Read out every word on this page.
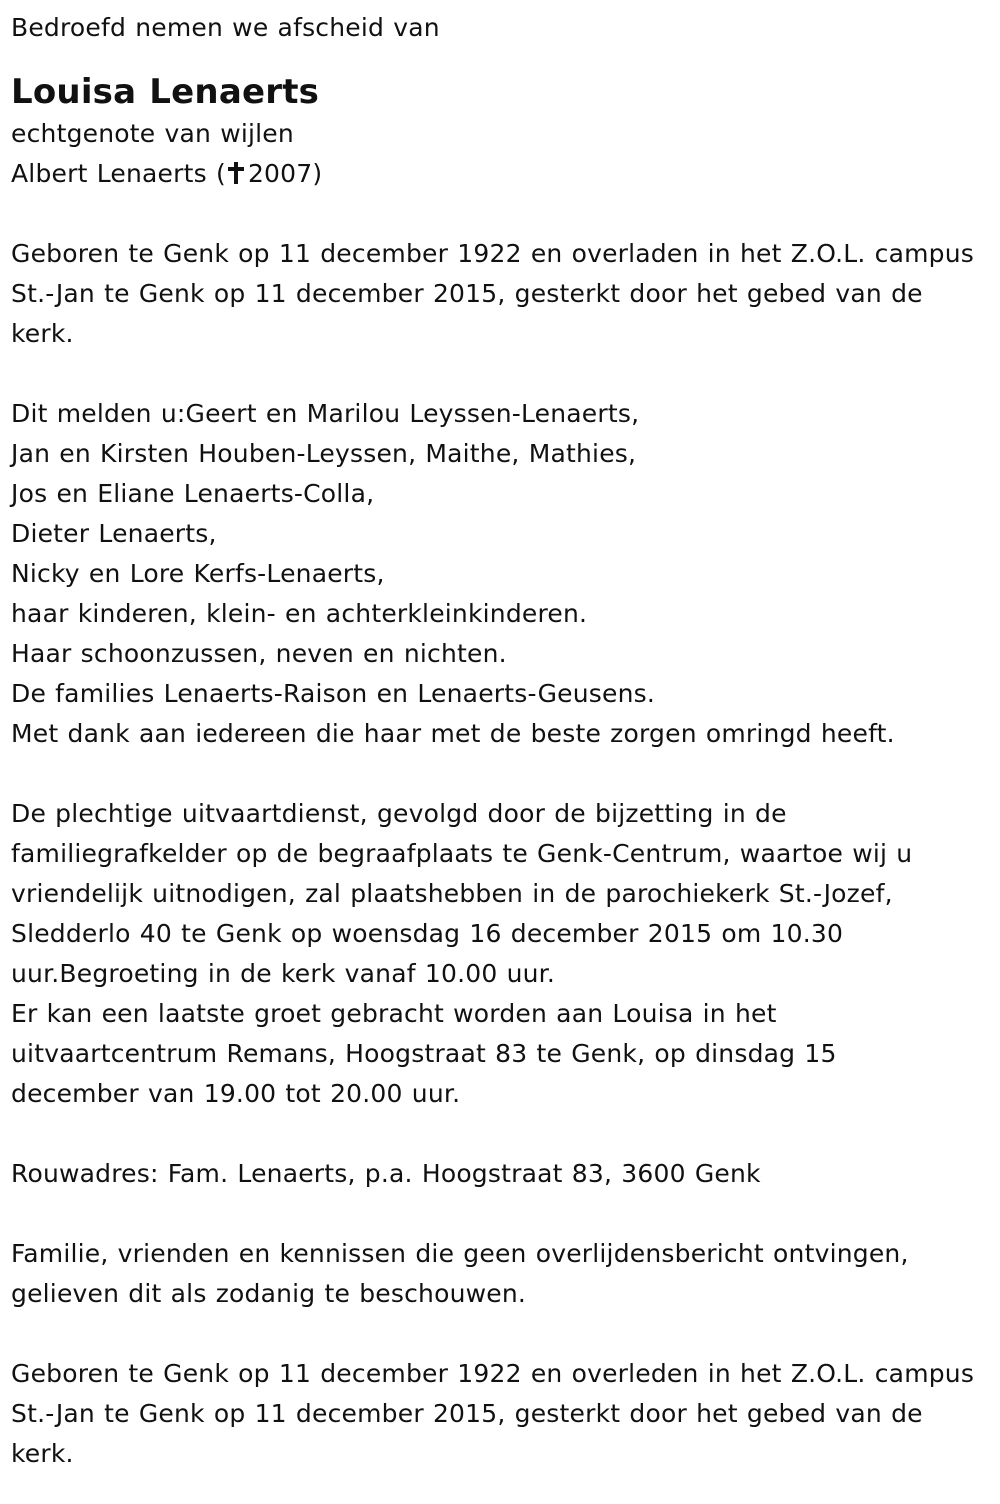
Bedroefd nemen we afscheid van
Louisa Lenaerts
echtgenote van wijlen
Albert Lenaerts ( 2007)
Geboren te Genk op 11 december 1922 en overladen in het Z.O.L. campus
St.-Jan te Genk op 11 december 2015, gesterkt door het gebed van de
kerk.
Dit melden u:Geert en Marilou Leyssen-Lenaerts,
Jan en Kirsten Houben-Leyssen, Maithe, Mathies,
Jos en Eliane Lenaerts-Colla,
Dieter Lenaerts,
Nicky en Lore Kerfs-Lenaerts,
haar kinderen, klein- en achterkleinkinderen.
Haar schoonzussen, neven en nichten.
De families Lenaerts-Raison en Lenaerts-Geusens.
Met dank aan iedereen die haar met de beste zorgen omringd heeft.
De plechtige uitvaartdienst, gevolgd door de bijzetting in de
familiegrafkelder op de begraafplaats te Genk-Centrum, waartoe wij u
vriendelijk uitnodigen, zal plaatshebben in de parochiekerk St.-Jozef,
Sledderlo 40 te Genk op woensdag 16 december 2015 om 10.30
uur.Begroeting in de kerk vanaf 10.00 uur.
Er kan een laatste groet gebracht worden aan Louisa in het
uitvaartcentrum Remans, Hoogstraat 83 te Genk, op dinsdag 15
december van 19.00 tot 20.00 uur.
Rouwadres: Fam. Lenaerts, p.a. Hoogstraat 83, 3600 Genk
Familie, vrienden en kennissen die geen overlijdensbericht ontvingen,
gelieven dit als zodanig te beschouwen.
Geboren te Genk op 11 december 1922 en overleden in het Z.O.L. campus
St.-Jan te Genk op 11 december 2015, gesterkt door het gebed van de
kerk.
